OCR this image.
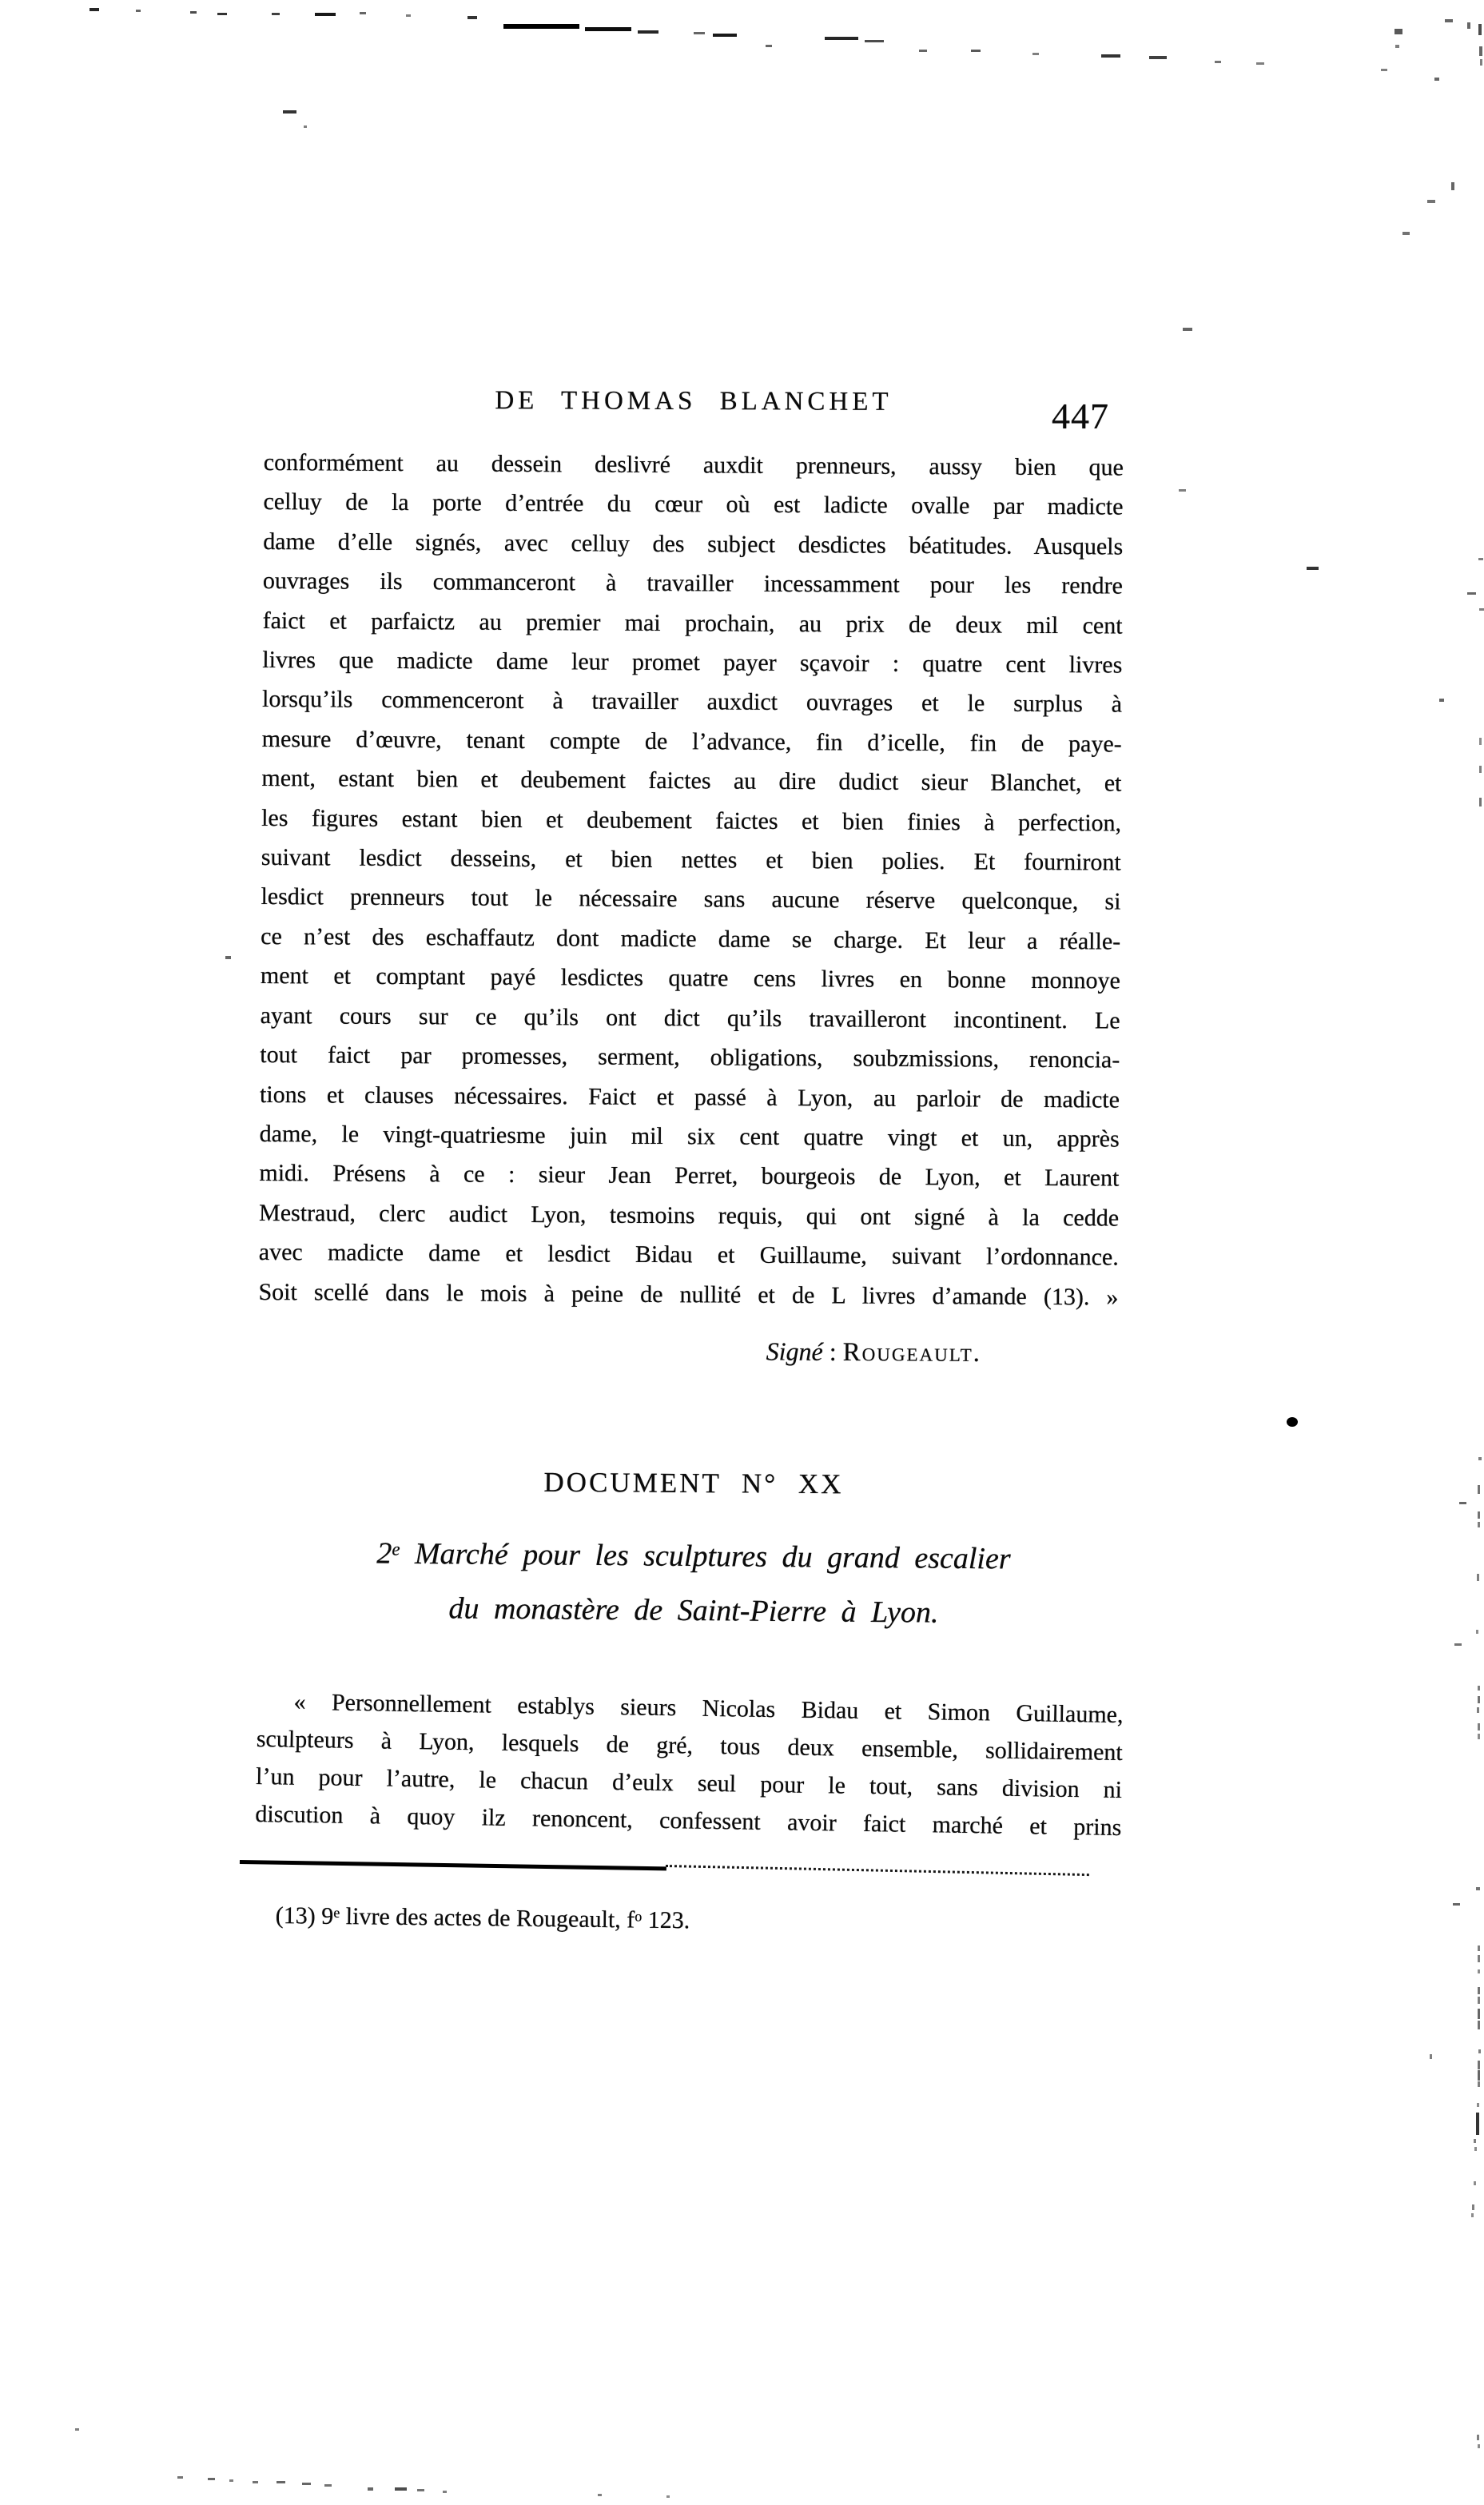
DE THOMAS BLANCHET	447
conformément au dessein deslivré auxdit prenneurs, aussy bien que
celluy de la porte d’entrée du cœur où est ladicte ovalle par madicte
dame d’elle signés, avec celluy des subject desdictes béatitudes. Ausquels
ouvrages ils commanceront à travailler incessamment pour les rendre
faict et parfaictz au premier mai prochain, au prix de deux mil cent
livres que madicte dame leur promet payer sçavoir : quatre cent livres
lorsqu’ils commenceront à travailler auxdict ouvrages et le surplus à
mesure d’œuvre, tenant compte de l’advance, fin d’icelle, fin de paye-
ment, estant bien et deubement faictes au dire dudict sieur Blanchet, et
les figures estant bien et deubement faictes et bien finies à perfection,
suivant lesdict desseins, et bien nettes et bien polies. Et fourniront
lesdict prenneurs tout le nécessaire sans aucune réserve quelconque, si
ce n’est des eschaffautz dont madicte dame se charge. Et leur a réalle-
ment et comptant payé lesdictes quatre cens livres en bonne monnoye
ayant cours sur ce qu’ils ont dict qu’ils travailleront incontinent. Le
tout faict par promesses, serment, obligations, soubzmissions, renoncia-
tions et clauses nécessaires. Faict et passé à Lyon, au parloir de madicte
dame, le vingt-quatriesme juin mil six cent quatre vingt et un, apprès
midi. Présens à ce : sieur Jean Perret, bourgeois de Lyon, et Laurent
Mestraud, clerc audict Lyon, tesmoins requis, qui ont signé à la cedde
avec madicte dame et lesdict Bidau et Guillaume, suivant l’ordonnance.
Soit scellé dans le mois à peine de nullité et de L livres d’amande (13). »
Signé : Rougeault.
DOCUMENT N° XX
2e Marché pour les sculptures du grand escalier
du monastère de Saint-Pierre à Lyon.
« Personnellement establys sieurs Nicolas Bidau et Simon Guillaume,
sculpteurs à Lyon, lesquels de gré, tous deux ensemble, sollidairement
l’un pour l’autre, le chacun d’eulx seul pour le tout, sans division ni
discution à quoy ilz renoncent, confessent avoir faict marché et prins
(13) 9e livre des actes de Rougeault, $f^o$ 123.
